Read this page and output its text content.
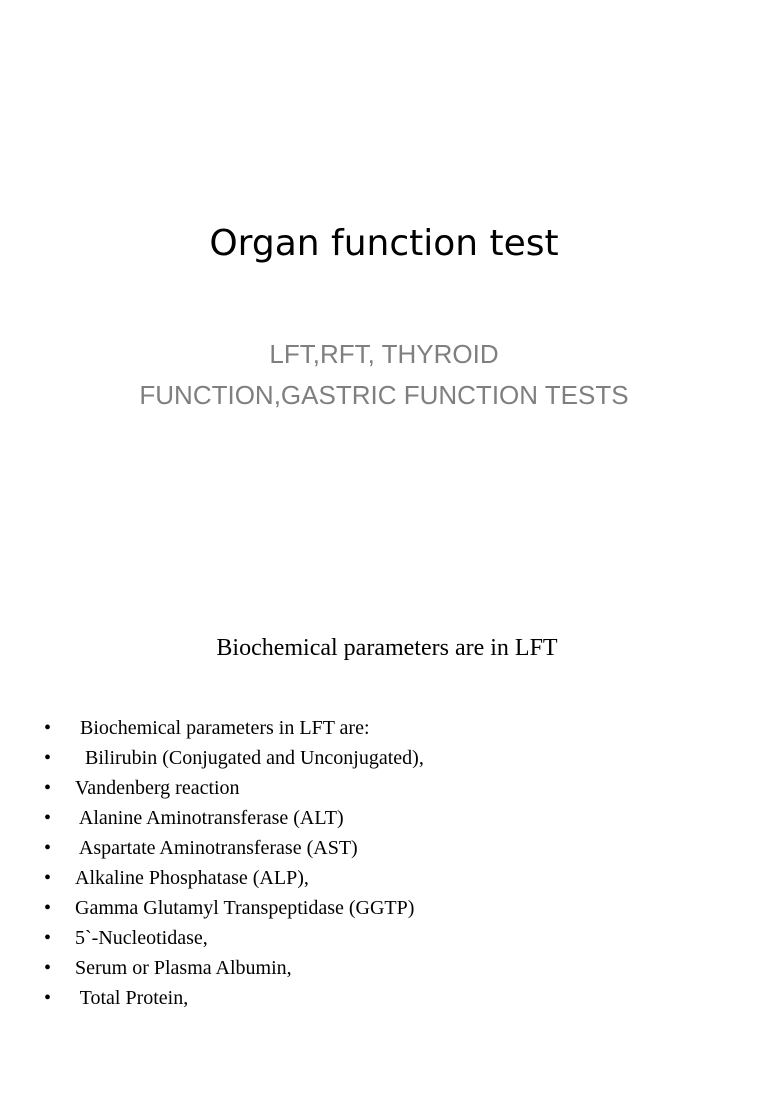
Organ function test
LFT,RFT, THYROID
FUNCTION,GASTRIC FUNCTION TESTS
Biochemical parameters are in LFT

•

	Biochemical parameters in LFT are:

•

	Bilirubin (Conjugated and Unconjugated),

•

	Vandenberg reaction

•

	Alanine Aminotransferase (ALT)

•

	Aspartate Aminotransferase (AST)

•

	Alkaline Phosphatase (ALP),

•

	Gamma Glutamyl Transpeptidase (GGTP)

•

	5`-Nucleotidase,

•

	Serum or Plasma Albumin,

•

	Total Protein,
